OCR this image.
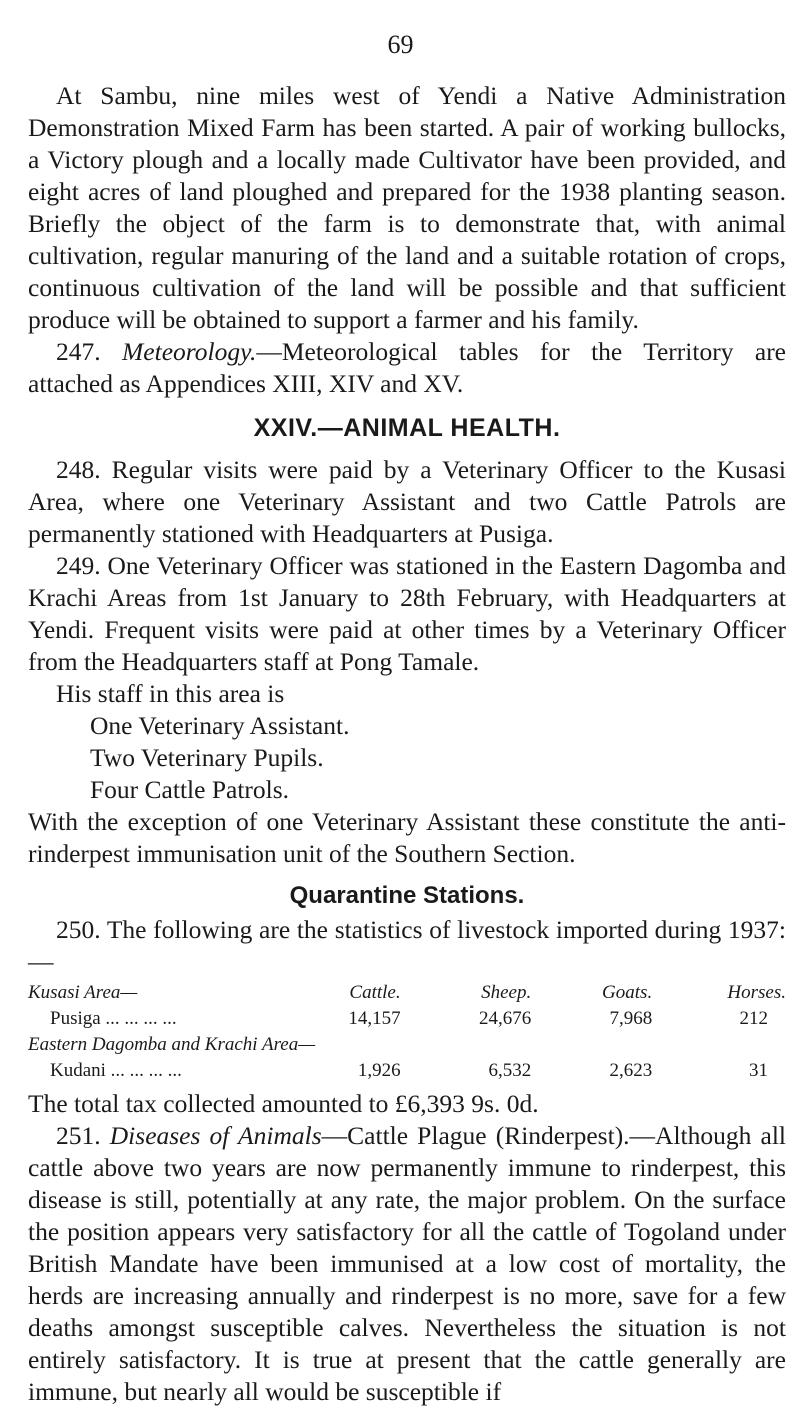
69

At Sambu, nine miles west of Yendi a Native Administration Demonstration Mixed Farm has been started. A pair of working bullocks, a Victory plough and a locally made Cultivator have been provided, and eight acres of land ploughed and prepared for the 1938 planting season. Briefly the object of the farm is to demonstrate that, with animal cultivation, regular manuring of the land and a suitable rotation of crops, continuous cultivation of the land will be possible and that sufficient produce will be obtained to support a farmer and his family.

247. Meteorology.—Meteorological tables for the Territory are attached as Appendices XIII, XIV and XV.

XXIV.—ANIMAL HEALTH.

248. Regular visits were paid by a Veterinary Officer to the Kusasi Area, where one Veterinary Assistant and two Cattle Patrols are permanently stationed with Headquarters at Pusiga.

249. One Veterinary Officer was stationed in the Eastern Dagomba and Krachi Areas from 1st January to 28th February, with Headquarters at Yendi. Frequent visits were paid at other times by a Veterinary Officer from the Headquarters staff at Pong Tamale.

His staff in this area is

One Veterinary Assistant.

Two Veterinary Pupils.

Four Cattle Patrols.

With the exception of one Veterinary Assistant these constitute the anti-rinderpest immunisation unit of the Southern Section.

Quarantine Stations.

250. The following are the statistics of livestock imported during 1937:—

Kusasi Area—	Cattle.	Sheep.	Goats.	Horses.
Pusiga ... ... ... ...	14,157	24,676	7,968	212
Eastern Dagomba and Krachi Area—				
Kudani ... ... ... ...	1,926	6,532	2,623	31

The total tax collected amounted to £6,393 9s. 0d.

251. Diseases of Animals—Cattle Plague (Rinderpest).—Although all cattle above two years are now permanently immune to rinderpest, this disease is still, potentially at any rate, the major problem. On the surface the position appears very satisfactory for all the cattle of Togoland under British Mandate have been immunised at a low cost of mortality, the herds are increasing annually and rinderpest is no more, save for a few deaths amongst susceptible calves. Nevertheless the situation is not entirely satisfactory. It is true at present that the cattle generally are immune, but nearly all would be susceptible if
